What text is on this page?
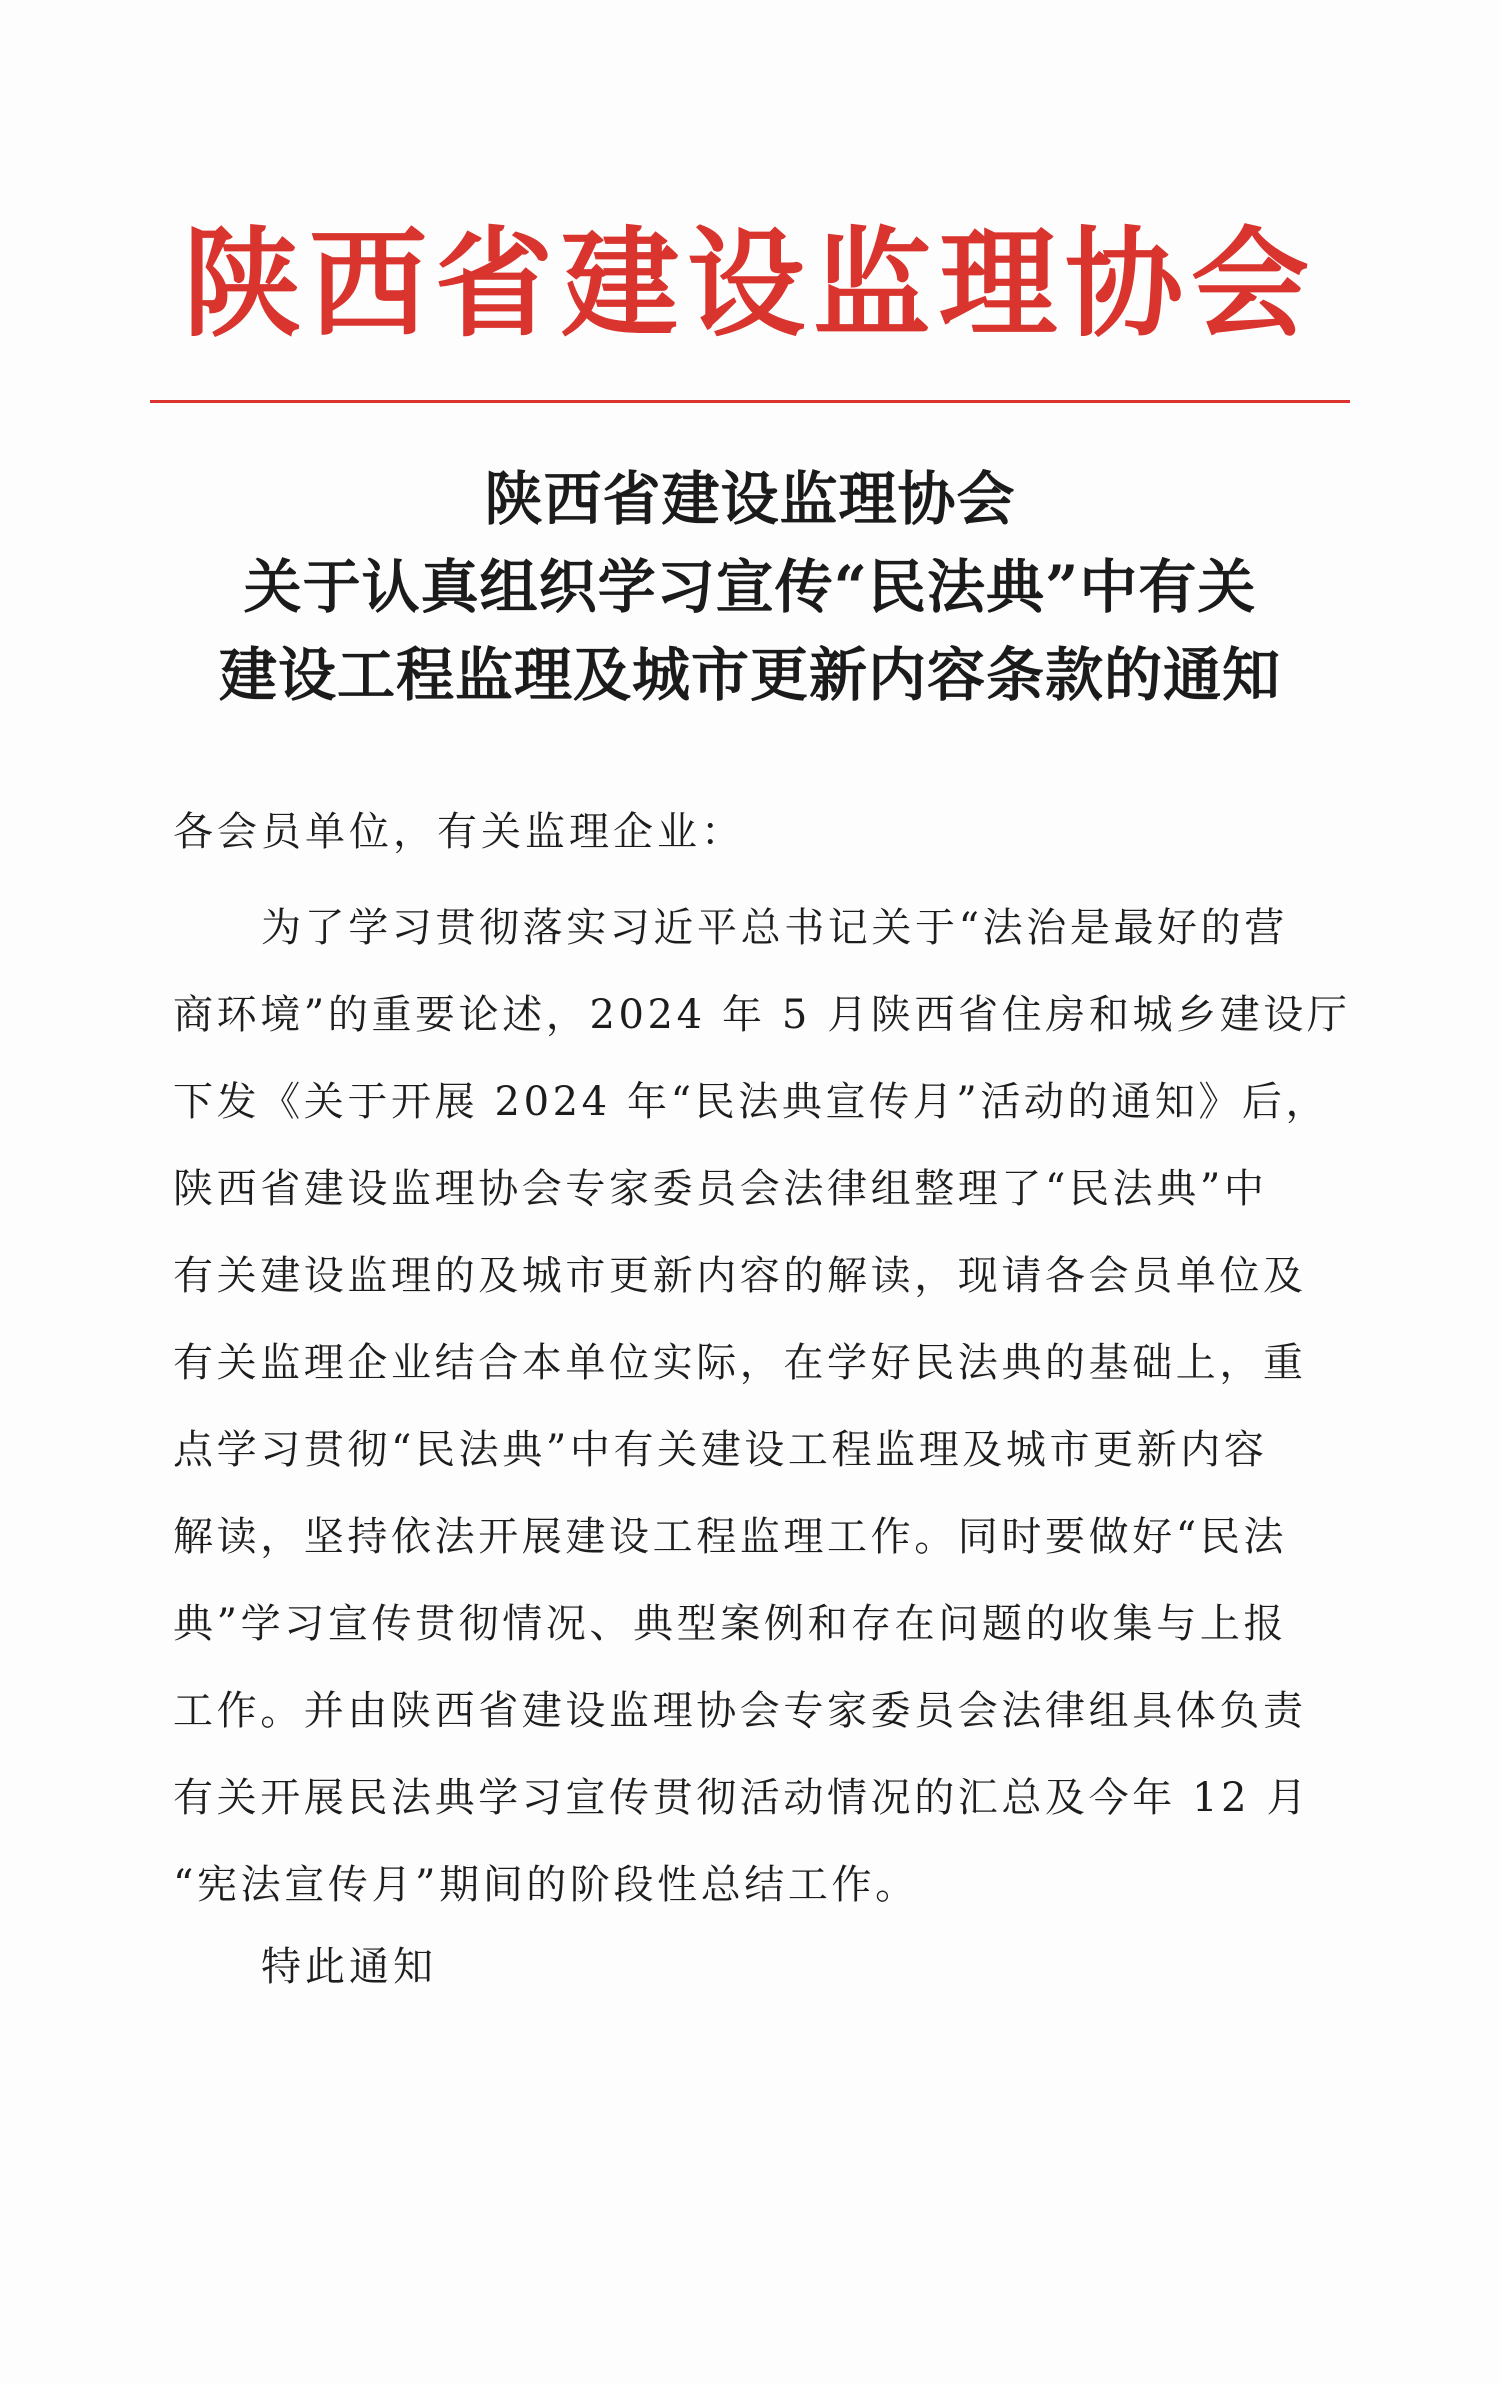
陕西省建设监理协会
陕西省建设监理协会
关于认真组织学习宣传“民法典”中有关
建设工程监理及城市更新内容条款的通知
各会员单位，有关监理企业：
为了学习贯彻落实习近平总书记关于“法治是最好的营
商环境”的重要论述，2024 年 5 月陕西省住房和城乡建设厅
下发《关于开展 2024 年“民法典宣传月”活动的通知》后，
陕西省建设监理协会专家委员会法律组整理了“民法典”中
有关建设监理的及城市更新内容的解读，现请各会员单位及
有关监理企业结合本单位实际，在学好民法典的基础上，重
点学习贯彻“民法典”中有关建设工程监理及城市更新内容
解读，坚持依法开展建设工程监理工作。同时要做好“民法
典”学习宣传贯彻情况、典型案例和存在问题的收集与上报
工作。并由陕西省建设监理协会专家委员会法律组具体负责
有关开展民法典学习宣传贯彻活动情况的汇总及今年 12 月
“宪法宣传月”期间的阶段性总结工作。
特此通知
